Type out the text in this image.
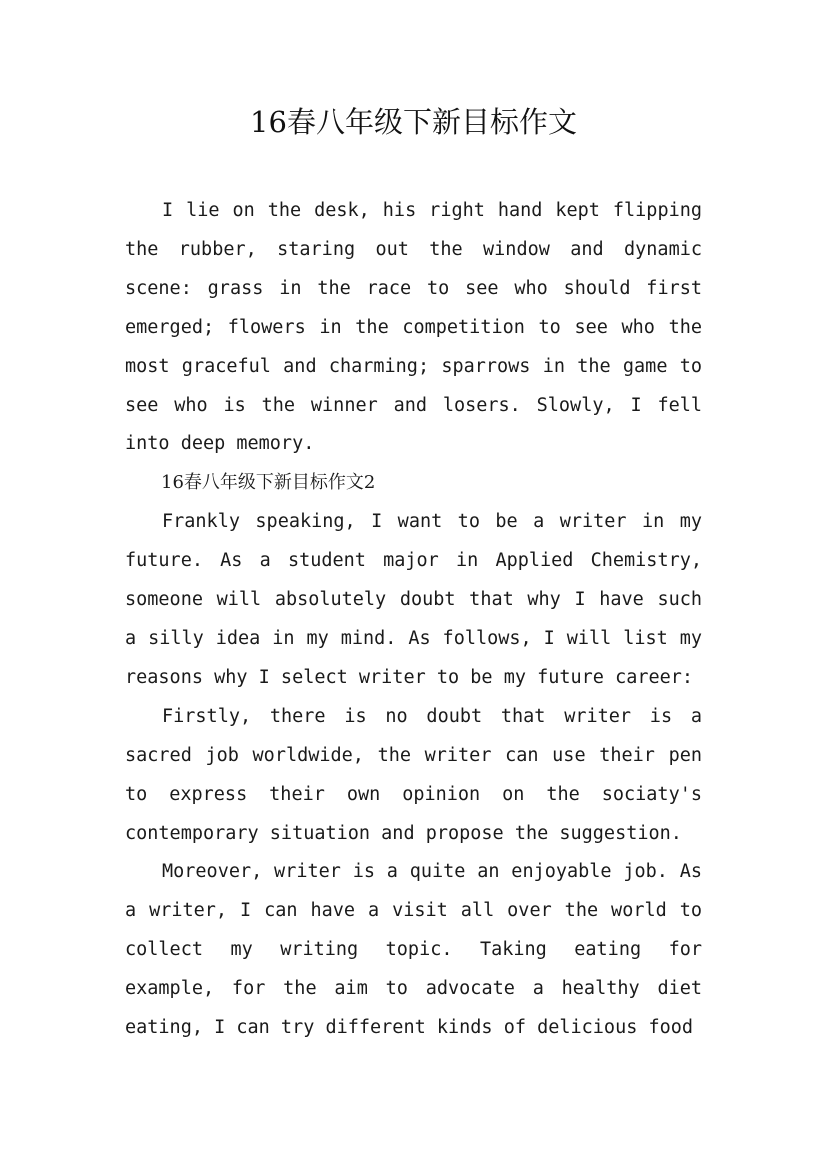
16春八年级下新目标作文

I lie on the desk, his right hand kept flipping the rubber, staring out the window and dynamic scene: grass in the race to see who should first emerged; flowers in the competition to see who the most graceful and charming; sparrows in the game to see who is the winner and losers. Slowly, I fell into deep memory.

16春八年级下新目标作文2

Frankly speaking, I want to be a writer in my future. As a student major in Applied Chemistry, someone will absolutely doubt that why I have such a silly idea in my mind. As follows, I will list my reasons why I select writer to be my future career:

Firstly, there is no doubt that writer is a sacred job worldwide, the writer can use their pen to express their own opinion on the sociaty's contemporary situation and propose the suggestion.

Moreover, writer is a quite an enjoyable job. As a writer, I can have a visit all over the world to collect my writing topic. Taking eating for example, for the aim to advocate a healthy diet eating, I can try different kinds of delicious food
